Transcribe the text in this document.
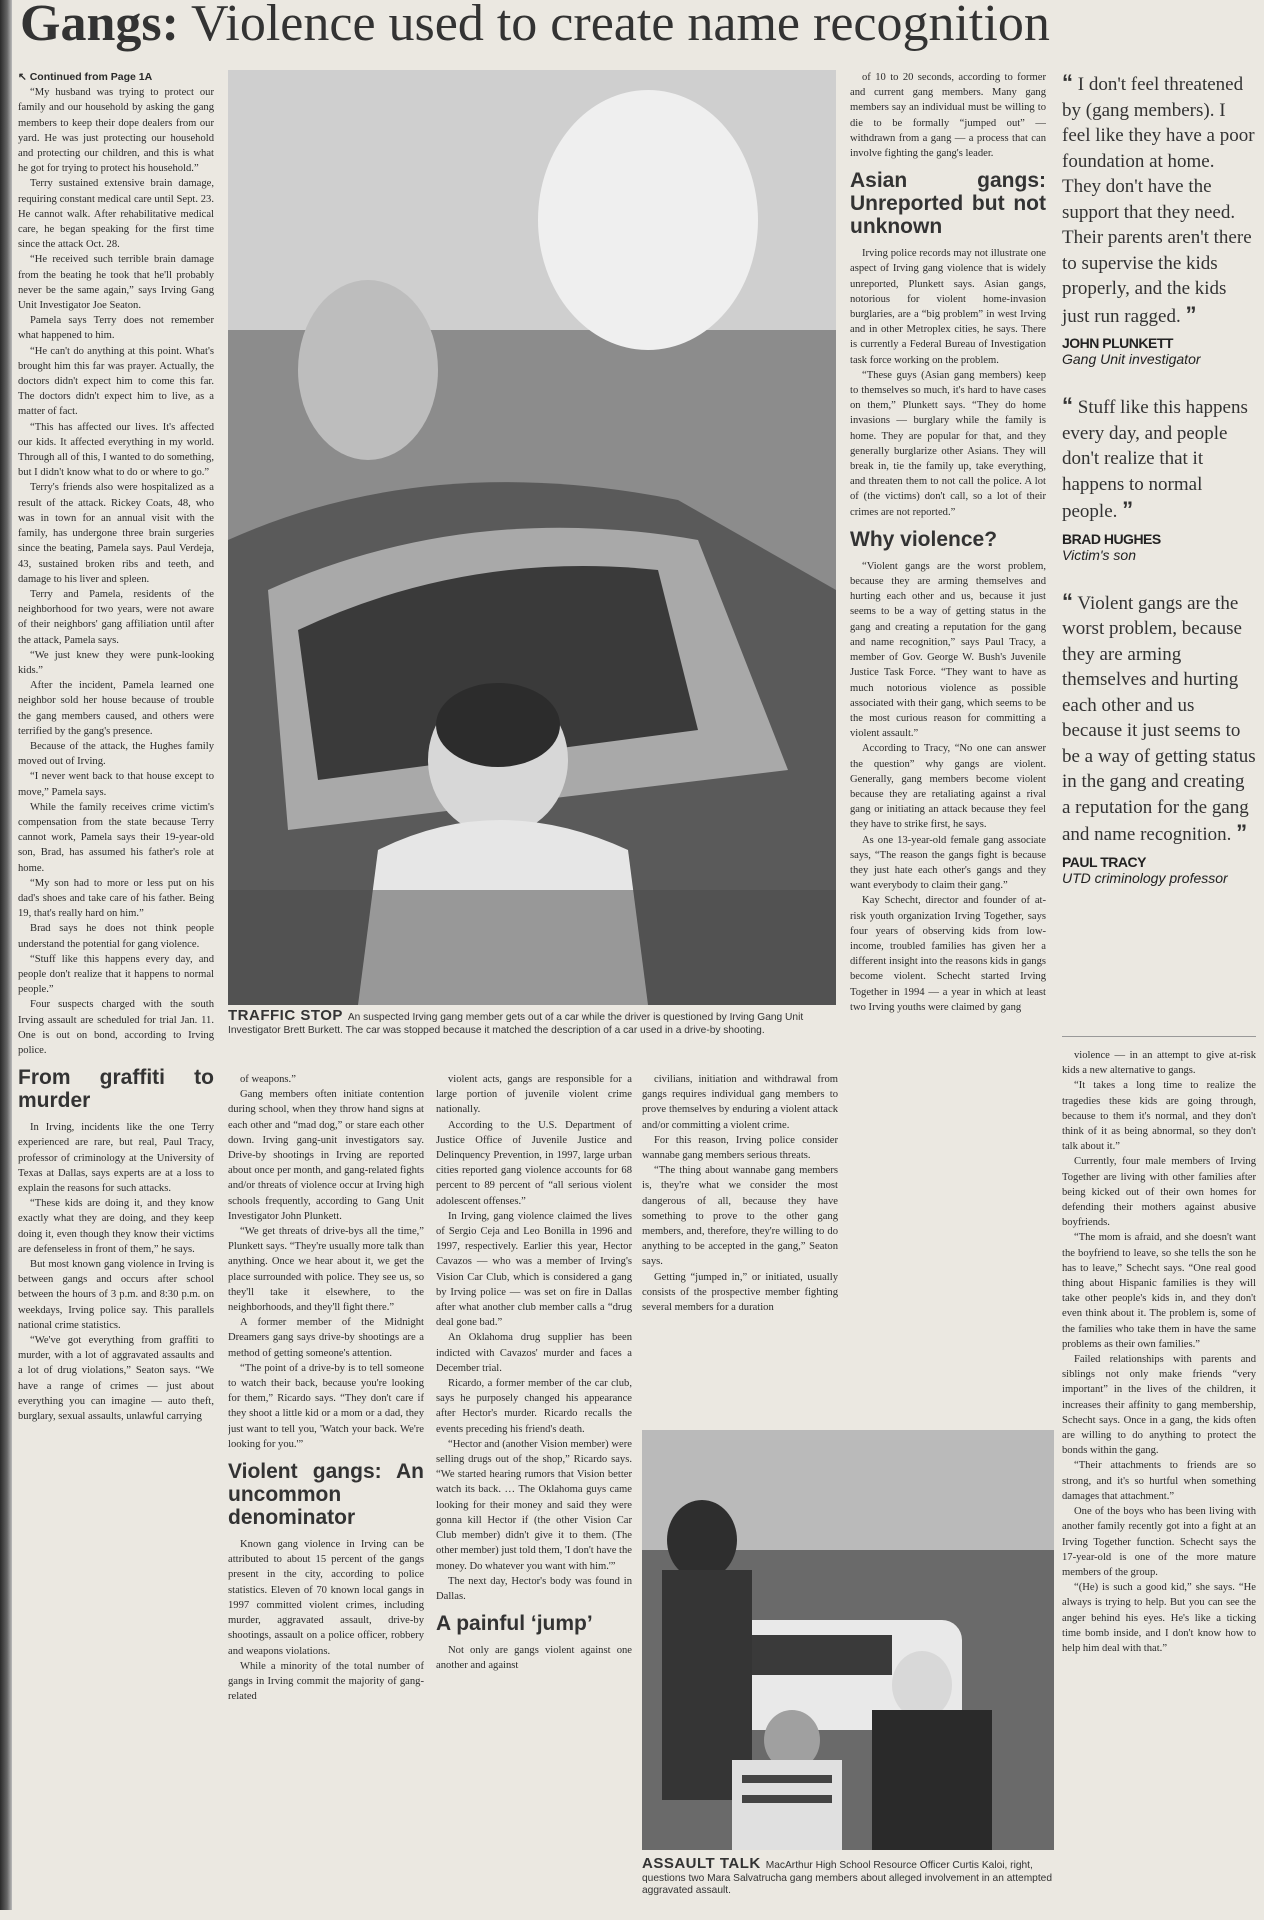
Gangs: Violence used to create name recognition

↖ Continued from Page 1A

“My husband was trying to protect our family and our household by asking the gang members to keep their dope dealers from our yard. He was just protecting our household and protecting our children, and this is what he got for trying to protect his household.”

Terry sustained extensive brain damage, requiring constant medical care until Sept. 23. He cannot walk. After rehabilitative medical care, he began speaking for the first time since the attack Oct. 28.

“He received such terrible brain damage from the beating he took that he'll probably never be the same again,” says Irving Gang Unit Investigator Joe Seaton.

Pamela says Terry does not remember what happened to him.

“He can't do anything at this point. What's brought him this far was prayer. Actually, the doctors didn't expect him to come this far. The doctors didn't expect him to live, as a matter of fact.

“This has affected our lives. It's affected our kids. It affected everything in my world. Through all of this, I wanted to do something, but I didn't know what to do or where to go.”

Terry's friends also were hospitalized as a result of the attack. Rickey Coats, 48, who was in town for an annual visit with the family, has undergone three brain surgeries since the beating, Pamela says. Paul Verdeja, 43, sustained broken ribs and teeth, and damage to his liver and spleen.

Terry and Pamela, residents of the neighborhood for two years, were not aware of their neighbors' gang affiliation until after the attack, Pamela says.

“We just knew they were punk-looking kids.”

After the incident, Pamela learned one neighbor sold her house because of trouble the gang members caused, and others were terrified by the gang's presence.

Because of the attack, the Hughes family moved out of Irving.

“I never went back to that house except to move,” Pamela says.

While the family receives crime victim's compensation from the state because Terry cannot work, Pamela says their 19-year-old son, Brad, has assumed his father's role at home.

“My son had to more or less put on his dad's shoes and take care of his father. Being 19, that's really hard on him.”

Brad says he does not think people understand the potential for gang violence.

“Stuff like this happens every day, and people don't realize that it happens to normal people.”

Four suspects charged with the south Irving assault are scheduled for trial Jan. 11. One is out on bond, according to Irving police.

From graffiti to murder

In Irving, incidents like the one Terry experienced are rare, but real, Paul Tracy, professor of criminology at the University of Texas at Dallas, says experts are at a loss to explain the reasons for such attacks.

“These kids are doing it, and they know exactly what they are doing, and they keep doing it, even though they know their victims are defenseless in front of them,” he says.

But most known gang violence in Irving is between gangs and occurs after school between the hours of 3 p.m. and 8:30 p.m. on weekdays, Irving police say. This parallels national crime statistics.

“We've got everything from graffiti to murder, with a lot of aggravated assaults and a lot of drug violations,” Seaton says. “We have a range of crimes — just about everything you can imagine — auto theft, burglary, sexual assaults, unlawful carrying

TRAFFIC STOP An suspected Irving gang member gets out of a car while the driver is questioned by Irving Gang Unit Investigator Brett Burkett. The car was stopped because it matched the description of a car used in a drive-by shooting.

of weapons.”

Gang members often initiate contention during school, when they throw hand signs at each other and “mad dog,” or stare each other down. Irving gang-unit investigators say. Drive-by shootings in Irving are reported about once per month, and gang-related fights and/or threats of violence occur at Irving high schools frequently, according to Gang Unit Investigator John Plunkett.

“We get threats of drive-bys all the time,” Plunkett says. “They're usually more talk than anything. Once we hear about it, we get the place surrounded with police. They see us, so they'll take it elsewhere, to the neighborhoods, and they'll fight there.”

A former member of the Midnight Dreamers gang says drive-by shootings are a method of getting someone's attention.

“The point of a drive-by is to tell someone to watch their back, because you're looking for them,” Ricardo says. “They don't care if they shoot a little kid or a mom or a dad, they just want to tell you, 'Watch your back. We're looking for you.'”

Violent gangs: An uncommon denominator

Known gang violence in Irving can be attributed to about 15 percent of the gangs present in the city, according to police statistics. Eleven of 70 known local gangs in 1997 committed violent crimes, including murder, aggravated assault, drive-by shootings, assault on a police officer, robbery and weapons violations.

While a minority of the total number of gangs in Irving commit the majority of gang-related

violent acts, gangs are responsible for a large portion of juvenile violent crime nationally.

According to the U.S. Department of Justice Office of Juvenile Justice and Delinquency Prevention, in 1997, large urban cities reported gang violence accounts for 68 percent to 89 percent of “all serious violent adolescent offenses.”

In Irving, gang violence claimed the lives of Sergio Ceja and Leo Bonilla in 1996 and 1997, respectively. Earlier this year, Hector Cavazos — who was a member of Irving's Vision Car Club, which is considered a gang by Irving police — was set on fire in Dallas after what another club member calls a “drug deal gone bad.”

An Oklahoma drug supplier has been indicted with Cavazos' murder and faces a December trial.

Ricardo, a former member of the car club, says he purposely changed his appearance after Hector's murder. Ricardo recalls the events preceding his friend's death.

“Hector and (another Vision member) were selling drugs out of the shop,” Ricardo says. “We started hearing rumors that Vision better watch its back. … The Oklahoma guys came looking for their money and said they were gonna kill Hector if (the other Vision Car Club member) didn't give it to them. (The other member) just told them, 'I don't have the money. Do whatever you want with him.'”

The next day, Hector's body was found in Dallas.

A painful ‘jump’

Not only are gangs violent against one another and against

civilians, initiation and withdrawal from gangs requires individual gang members to prove themselves by enduring a violent attack and/or committing a violent crime.

For this reason, Irving police consider wannabe gang members serious threats.

“The thing about wannabe gang members is, they're what we consider the most dangerous of all, because they have something to prove to the other gang members, and, therefore, they're willing to do anything to be accepted in the gang,” Seaton says.

Getting “jumped in,” or initiated, usually consists of the prospective member fighting several members for a duration

ASSAULT TALK MacArthur High School Resource Officer Curtis Kaloi, right, questions two Mara Salvatrucha gang members about alleged involvement in an attempted aggravated assault.

of 10 to 20 seconds, according to former and current gang members. Many gang members say an individual must be willing to die to be formally “jumped out” — withdrawn from a gang — a process that can involve fighting the gang's leader.

Asian gangs: Unreported but not unknown

Irving police records may not illustrate one aspect of Irving gang violence that is widely unreported, Plunkett says. Asian gangs, notorious for violent home-invasion burglaries, are a “big problem” in west Irving and in other Metroplex cities, he says. There is currently a Federal Bureau of Investigation task force working on the problem.

“These guys (Asian gang members) keep to themselves so much, it's hard to have cases on them,” Plunkett says. “They do home invasions — burglary while the family is home. They are popular for that, and they generally burglarize other Asians. They will break in, tie the family up, take everything, and threaten them to not call the police. A lot of (the victims) don't call, so a lot of their crimes are not reported.”

Why violence?

“Violent gangs are the worst problem, because they are arming themselves and hurting each other and us, because it just seems to be a way of getting status in the gang and creating a reputation for the gang and name recognition,” says Paul Tracy, a member of Gov. George W. Bush's Juvenile Justice Task Force. “They want to have as much notorious violence as possible associated with their gang, which seems to be the most curious reason for committing a violent assault.”

According to Tracy, “No one can answer the question” why gangs are violent. Generally, gang members become violent because they are retaliating against a rival gang or initiating an attack because they feel they have to strike first, he says.

As one 13-year-old female gang associate says, “The reason the gangs fight is because they just hate each other's gangs and they want everybody to claim their gang.”

Kay Schecht, director and founder of at-risk youth organization Irving Together, says four years of observing kids from low-income, troubled families has given her a different insight into the reasons kids in gangs become violent. Schecht started Irving Together in 1994 — a year in which at least two Irving youths were claimed by gang

“ I don't feel threatened by (gang members). I feel like they have a poor foundation at home. They don't have the support that they need. Their parents aren't there to supervise the kids properly, and the kids just run ragged. ”
JOHN PLUNKETT
Gang Unit investigator
“ Stuff like this happens every day, and people don't realize that it happens to normal people. ”
BRAD HUGHES
Victim's son
“ Violent gangs are the worst problem, because they are arming themselves and hurting each other and us because it just seems to be a way of getting status in the gang and creating a reputation for the gang and name recognition. ”
PAUL TRACY
UTD criminology professor

violence — in an attempt to give at-risk kids a new alternative to gangs.

“It takes a long time to realize the tragedies these kids are going through, because to them it's normal, and they don't think of it as being abnormal, so they don't talk about it.”

Currently, four male members of Irving Together are living with other families after being kicked out of their own homes for defending their mothers against abusive boyfriends.

“The mom is afraid, and she doesn't want the boyfriend to leave, so she tells the son he has to leave,” Schecht says. “One real good thing about Hispanic families is they will take other people's kids in, and they don't even think about it. The problem is, some of the families who take them in have the same problems as their own families.”

Failed relationships with parents and siblings not only make friends “very important” in the lives of the children, it increases their affinity to gang membership, Schecht says. Once in a gang, the kids often are willing to do anything to protect the bonds within the gang.

“Their attachments to friends are so strong, and it's so hurtful when something damages that attachment.”

One of the boys who has been living with another family recently got into a fight at an Irving Together function. Schecht says the 17-year-old is one of the more mature members of the group.

“(He) is such a good kid,” she says. “He always is trying to help. But you can see the anger behind his eyes. He's like a ticking time bomb inside, and I don't know how to help him deal with that.”
